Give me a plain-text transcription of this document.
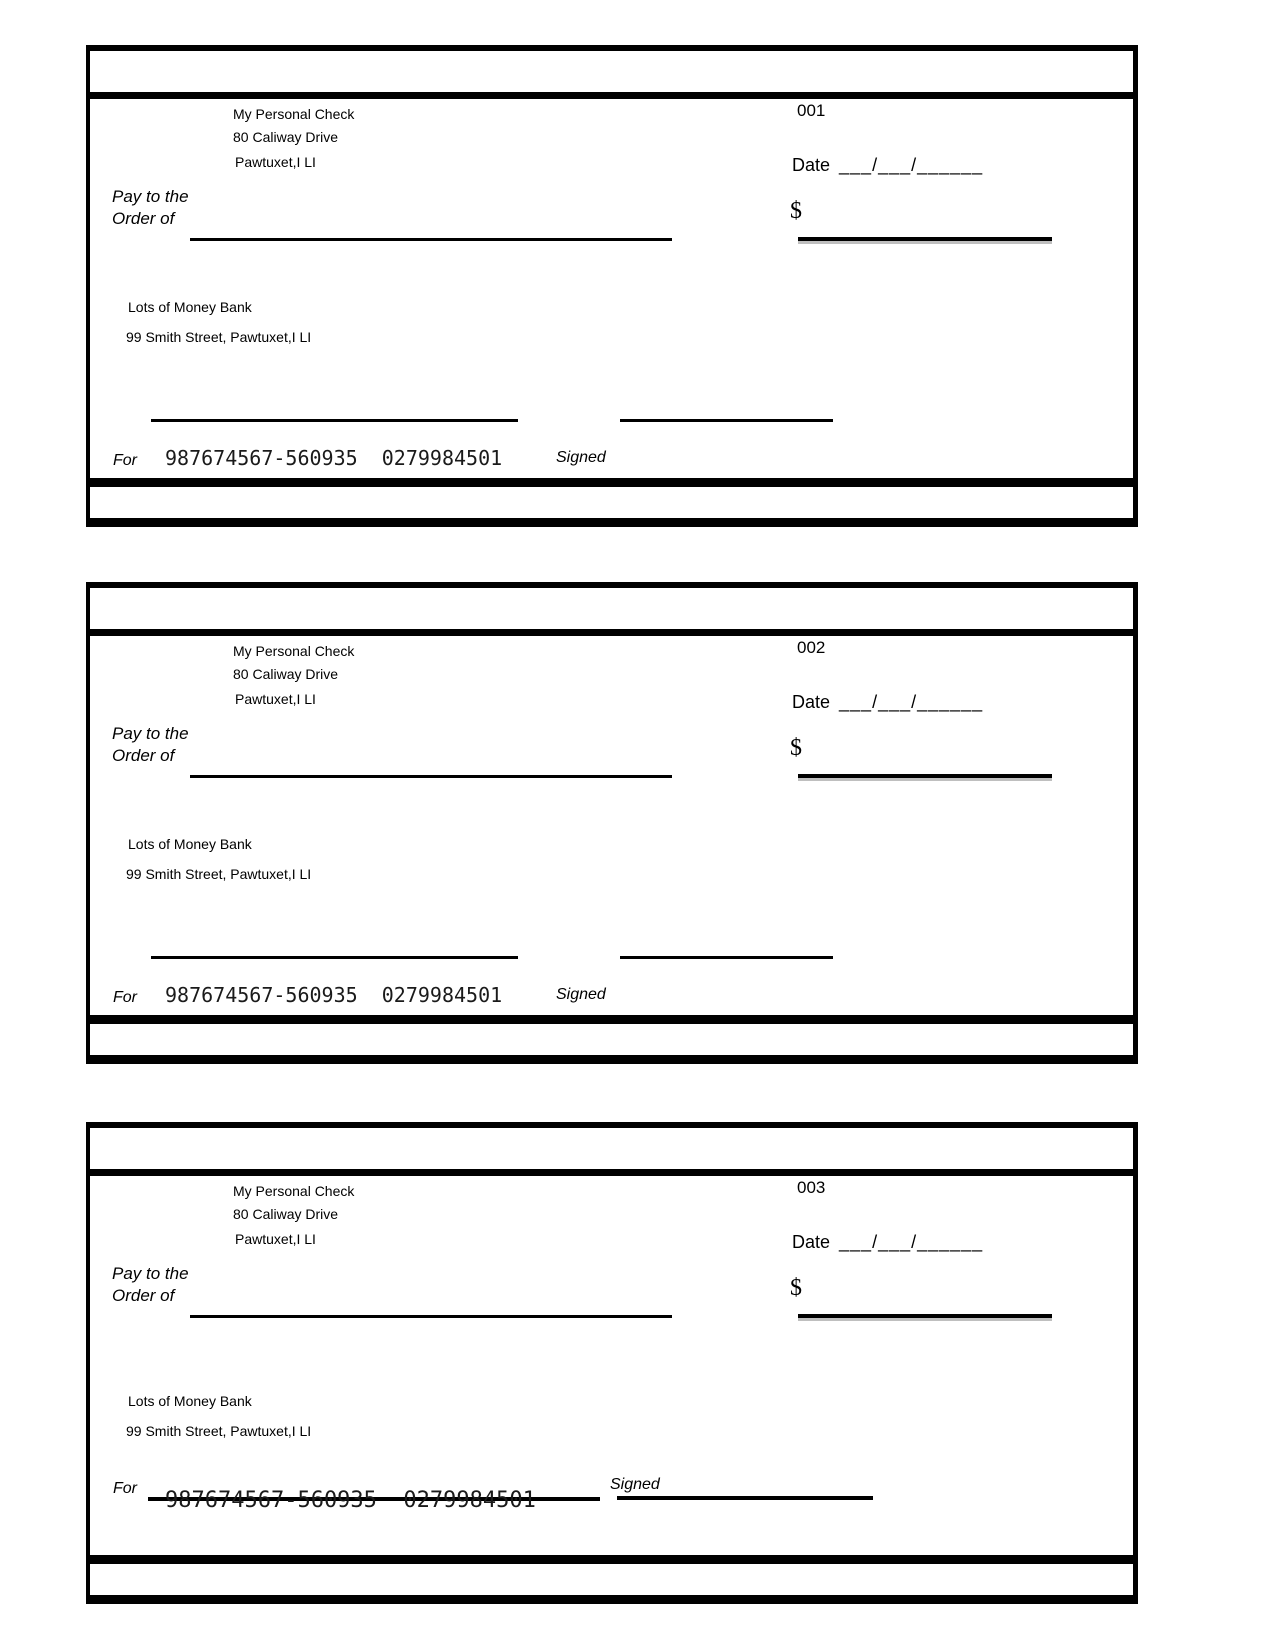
My Personal Check
80 Caliway Drive
Pawtuxet,I LI
001
Date ___/___/______
Pay to the
Order of	$
Lots of Money Bank
99 Smith Street, Pawtuxet,I LI
For 987674567-560935  0279984501	Signed
My Personal Check
80 Caliway Drive
Pawtuxet,I LI
002
Date ___/___/______
Pay to the
Order of	$
Lots of Money Bank
99 Smith Street, Pawtuxet,I LI
For 987674567-560935  0279984501	Signed
My Personal Check
80 Caliway Drive
Pawtuxet,I LI
003
Date ___/___/______
Pay to the
Order of	$
Lots of Money Bank
99 Smith Street, Pawtuxet,I LI
For 987674567-560935  0279984501
Signed
